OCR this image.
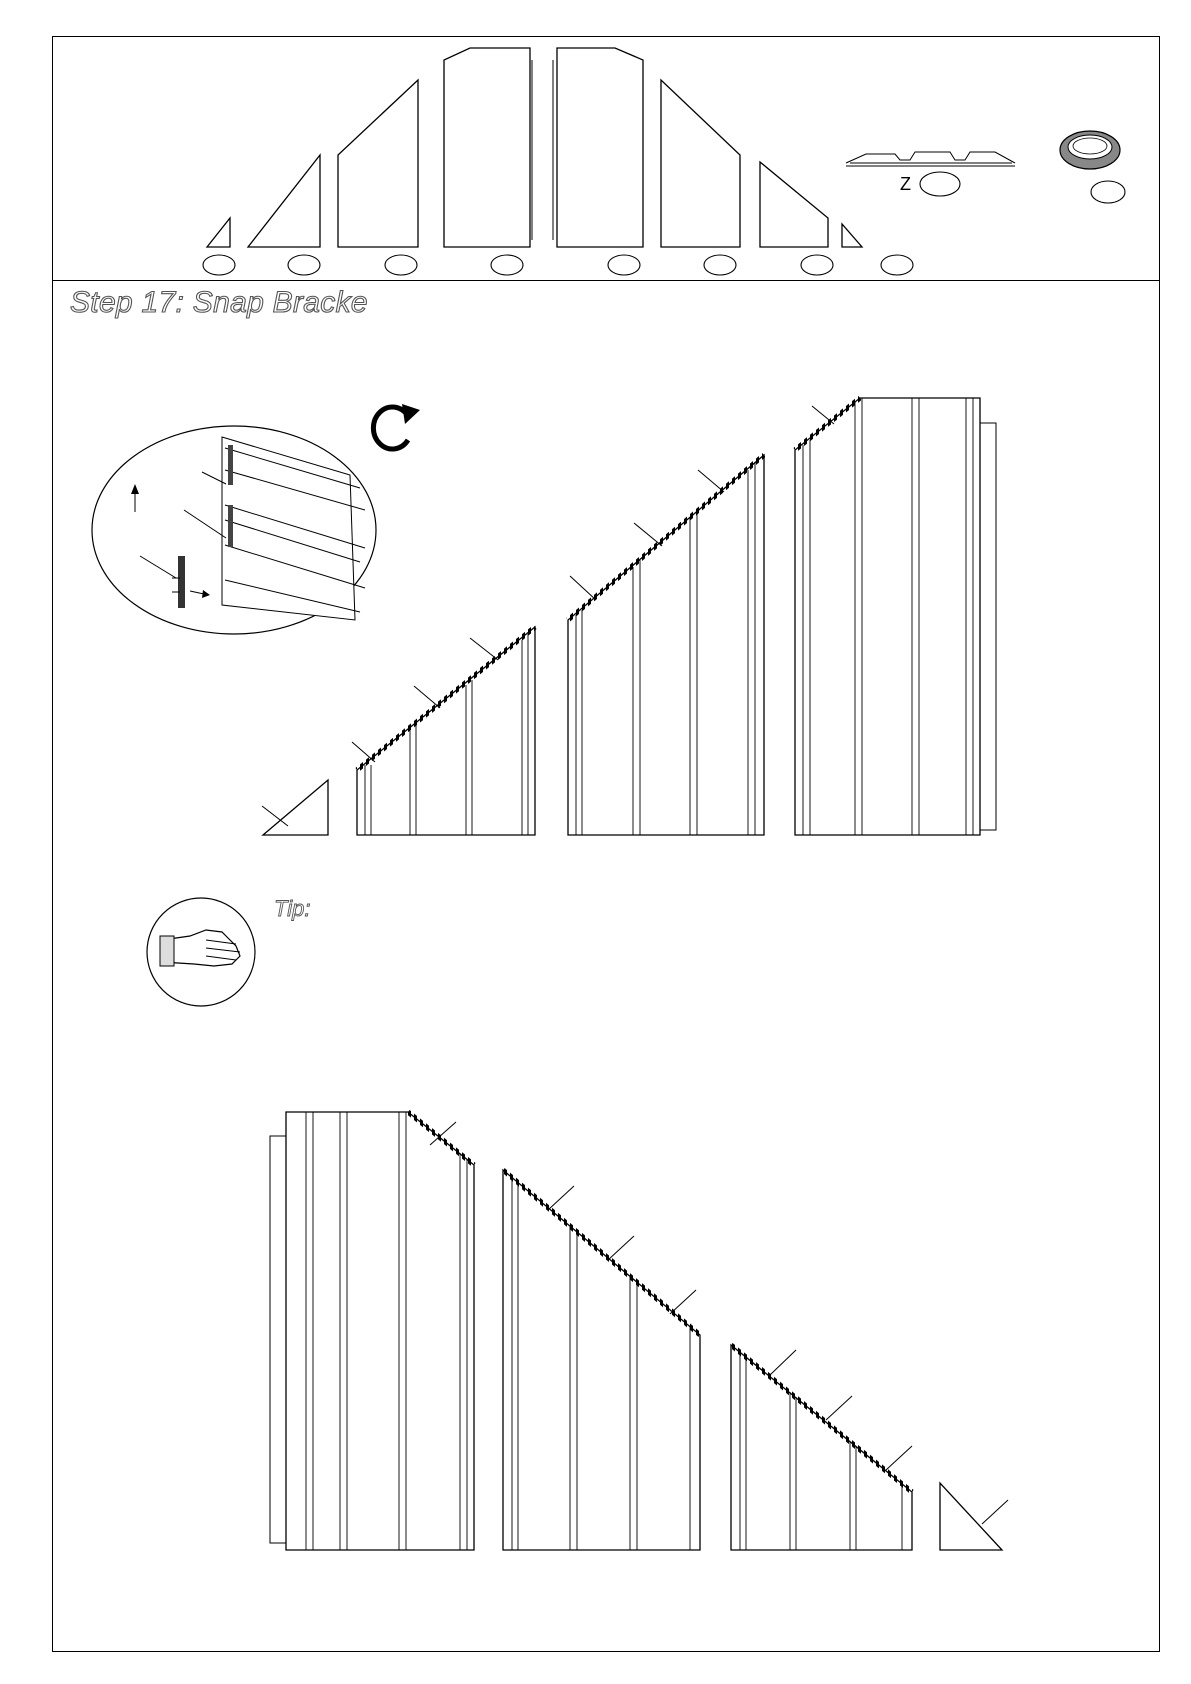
Step 17: Snap Bracke
Tip:
Z
